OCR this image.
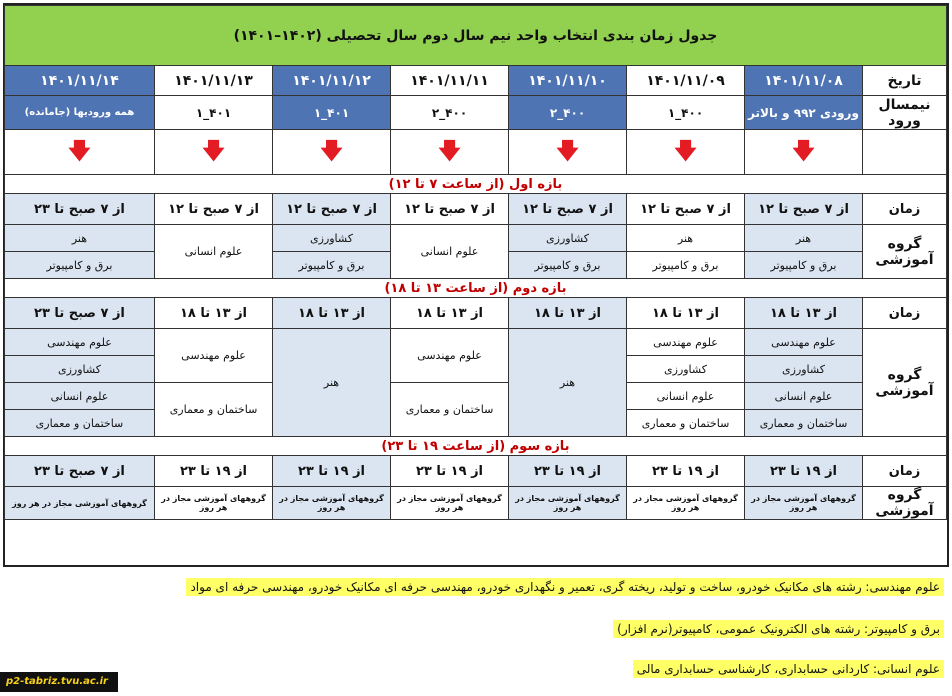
جدول زمان بندی انتخاب واحد نیم سال دوم سال تحصیلی (۱۴۰۲–۱۴۰۱)							
تاریخ	۱۴۰۱/۱۱/۰۸	۱۴۰۱/۱۱/۰۹	۱۴۰۱/۱۱/۱۰	۱۴۰۱/۱۱/۱۱	۱۴۰۱/۱۱/۱۲	۱۴۰۱/۱۱/۱۳	۱۴۰۱/۱۱/۱۴
نیمسال ورود	ورودی ۹۹۲ و بالاتر	۴۰۰_۱	۴۰۰_۲	۴۰۰_۲	۴۰۱_۱	۴۰۱_۱	همه ورودیها (جامانده)
	🡇	🡇	🡇	🡇	🡇	🡇	🡇
بازه اول (از ساعت ۷ تا ۱۲)							
زمان	از ۷ صبح تا ۱۲	از ۷ صبح تا ۱۲	از ۷ صبح تا ۱۲	از ۷ صبح تا ۱۲	از ۷ صبح تا ۱۲	از ۷ صبح تا ۱۲	از ۷ صبح تا ۲۳
گروه آموزشی	هنر	هنر	کشاورزی	علوم انسانی	کشاورزی	علوم انسانی	هنر
	برق و کامپیوتر	برق و کامپیوتر	برق و کامپیوتر		برق و کامپیوتر		برق و کامپیوتر
بازه دوم (از ساعت ۱۳ تا ۱۸)							
زمان	از ۱۳ تا ۱۸	از ۱۳ تا ۱۸	از ۱۳ تا ۱۸	از ۱۳ تا ۱۸	از ۱۳ تا ۱۸	از ۱۳ تا ۱۸	از ۷ صبح تا ۲۳
گروه آموزشی	علوم مهندسی	علوم مهندسی	هنر	علوم مهندسی	هنر	علوم مهندسی	علوم مهندسی
	کشاورزی	کشاورزی					کشاورزی
	علوم انسانی	علوم انسانی		ساختمان و معماری		ساختمان و معماری	علوم انسانی
	ساختمان و معماری	ساختمان و معماری					ساختمان و معماری
بازه سوم (از ساعت ۱۹ تا ۲۳)							
زمان	از ۱۹ تا ۲۳	از ۱۹ تا ۲۳	از ۱۹ تا ۲۳	از ۱۹ تا ۲۳	از ۱۹ تا ۲۳	از ۱۹ تا ۲۳	از ۷ صبح تا ۲۳
گروه آموزشی	گروههای آموزشی مجاز در هر روز	گروههای آموزشی مجاز در هر روز	گروههای آموزشی مجاز در هر روز	گروههای آموزشی مجاز در هر روز	گروههای آموزشی مجاز در هر روز	گروههای آموزشی مجاز در هر روز	گروههای آموزشی مجاز در هر روز
علوم مهندسی: رشته های مکانیک خودرو، ساخت و تولید، ریخته گری، تعمیر و نگهداری خودرو، مهندسی حرفه ای مکانیک خودرو، مهندسی حرفه ای مواد
برق و کامپیوتر: رشته های الکترونیک عمومی، کامپیوتر(نرم افزار)
علوم انسانی: کاردانی حسابداری، کارشناسی حسابداری مالی
p2-tabriz.tvu.ac.ir
